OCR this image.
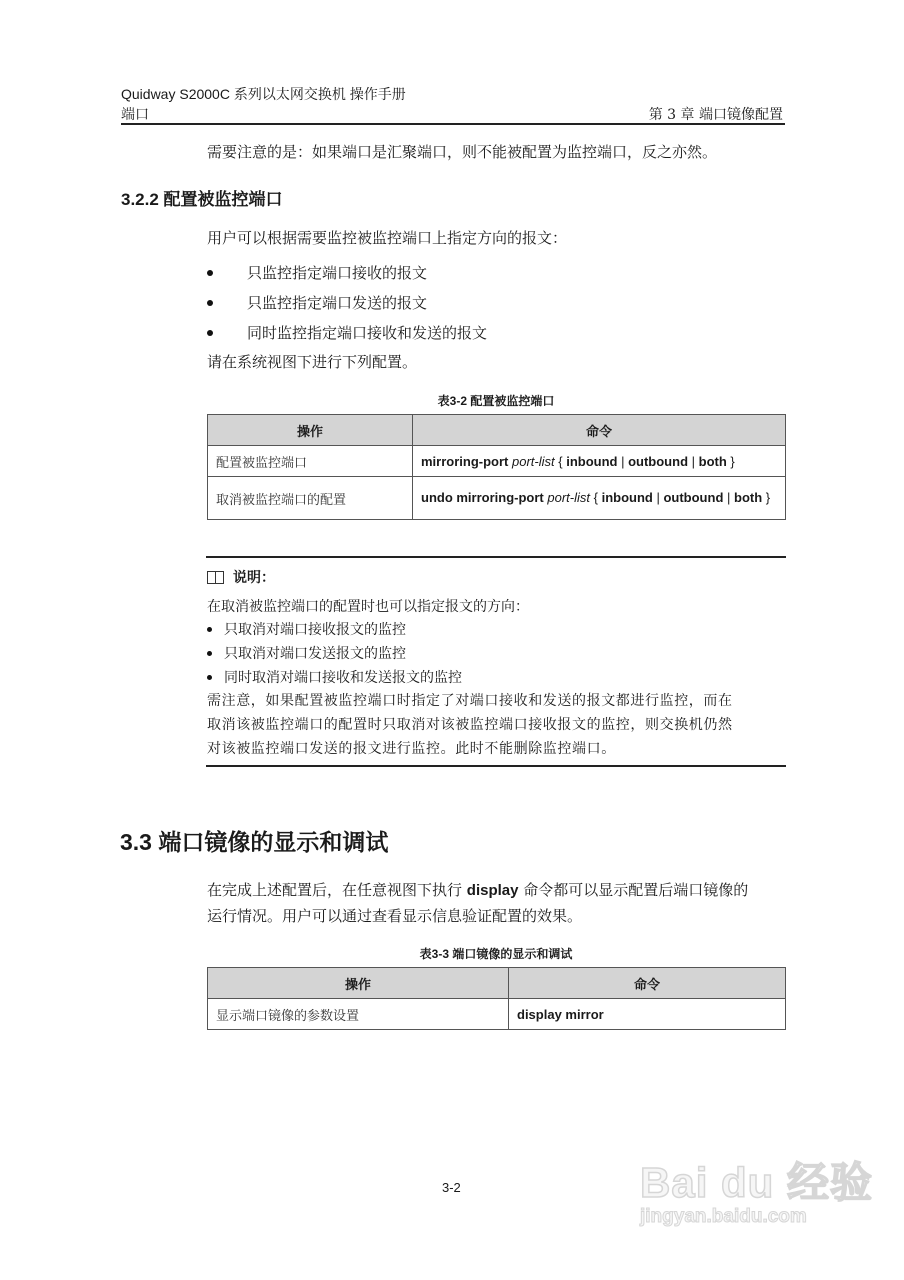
Quidway S2000C 系列以太网交换机 操作手册
端口	第 3 章 端口镜像配置
需要注意的是：如果端口是汇聚端口，则不能被配置为监控端口，反之亦然。
3.2.2 配置被监控端口
用户可以根据需要监控被监控端口上指定方向的报文：
只监控指定端口接收的报文
只监控指定端口发送的报文
同时监控指定端口接收和发送的报文
请在系统视图下进行下列配置。
表3-2 配置被监控端口
操作	命令
配置被监控端口	mirroring-port port-list { inbound | outbound | both }
取消被监控端口的配置	undo mirroring-port port-list { inbound | outbound | both }
说明：
在取消被监控端口的配置时也可以指定报文的方向：
只取消对端口接收报文的监控
只取消对端口发送报文的监控
同时取消对端口接收和发送报文的监控
需注意，如果配置被监控端口时指定了对端口接收和发送的报文都进行监控，而在
取消该被监控端口的配置时只取消对该被监控端口接收报文的监控，则交换机仍然
对该被监控端口发送的报文进行监控。此时不能删除监控端口。
3.3 端口镜像的显示和调试
在完成上述配置后，在任意视图下执行 display 命令都可以显示配置后端口镜像的
运行情况。用户可以通过查看显示信息验证配置的效果。
表3-3 端口镜像的显示和调试
操作	命令
显示端口镜像的参数设置	display mirror
3-2	Bai du 经验
jingyan.baidu.com
